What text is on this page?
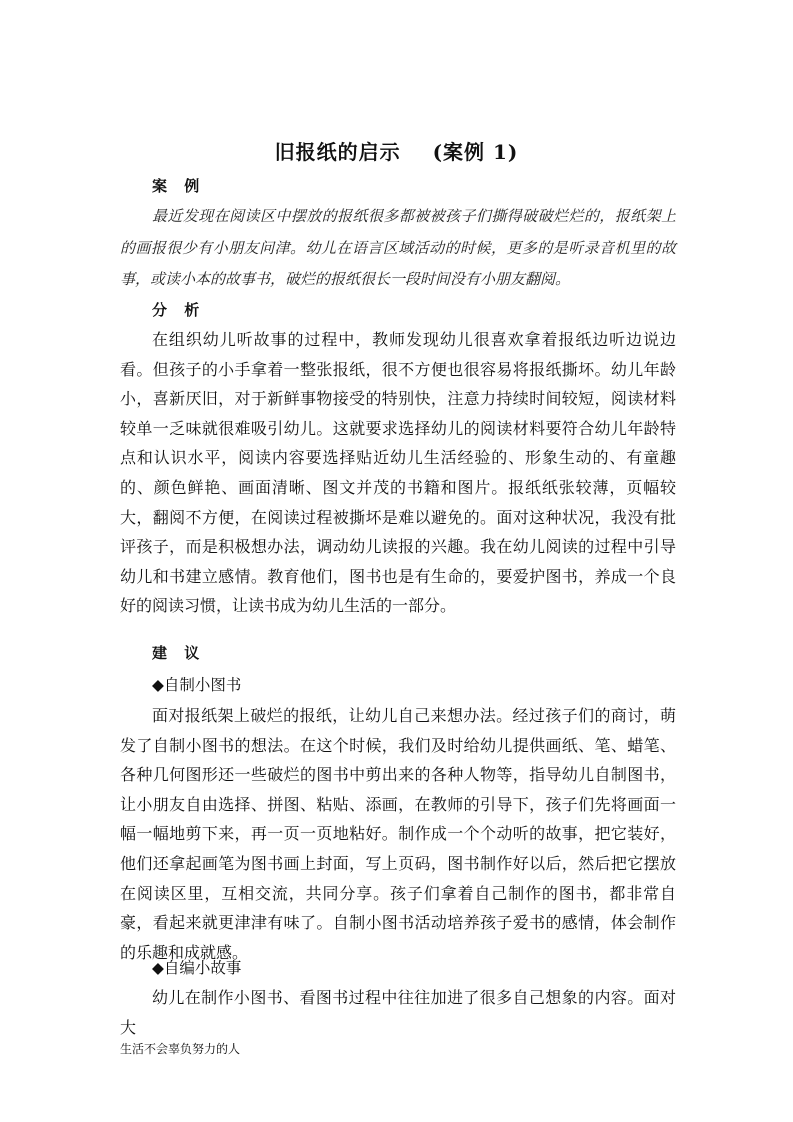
旧报纸的启示 (案例 1)
案 例

最近发现在阅读区中摆放的报纸很多都被被孩子们撕得破破烂烂的，报纸架上的画报很少有小朋友问津。幼儿在语言区域活动的时候，更多的是听录音机里的故事，或读小本的故事书，破烂的报纸很长一段时间没有小朋友翻阅。

分 析

在组织幼儿听故事的过程中，教师发现幼儿很喜欢拿着报纸边听边说边看。但孩子的小手拿着一整张报纸，很不方便也很容易将报纸撕坏。幼儿年龄小，喜新厌旧，对于新鲜事物接受的特别快，注意力持续时间较短，阅读材料较单一乏味就很难吸引幼儿。这就要求选择幼儿的阅读材料要符合幼儿年龄特点和认识水平，阅读内容要选择贴近幼儿生活经验的、形象生动的、有童趣的、颜色鲜艳、画面清晰、图文并茂的书籍和图片。报纸纸张较薄，页幅较大，翻阅不方便，在阅读过程被撕坏是难以避免的。面对这种状况，我没有批评孩子，而是积极想办法，调动幼儿读报的兴趣。我在幼儿阅读的过程中引导幼儿和书建立感情。教育他们，图书也是有生命的，要爱护图书，养成一个良好的阅读习惯，让读书成为幼儿生活的一部分。

建 议
◆自制小图书

面对报纸架上破烂的报纸，让幼儿自己来想办法。经过孩子们的商讨，萌发了自制小图书的想法。在这个时候，我们及时给幼儿提供画纸、笔、蜡笔、各种几何图形还一些破烂的图书中剪出来的各种人物等，指导幼儿自制图书，让小朋友自由选择、拼图、粘贴、添画，在教师的引导下，孩子们先将画面一幅一幅地剪下来，再一页一页地粘好。制作成一个个动听的故事，把它装好，他们还拿起画笔为图书画上封面，写上页码，图书制作好以后，然后把它摆放在阅读区里，互相交流，共同分享。孩子们拿着自己制作的图书，都非常自豪，看起来就更津津有味了。自制小图书活动培养孩子爱书的感情，体会制作的乐趣和成就感。

◆自编小故事

幼儿在制作小图书、看图书过程中往往加进了很多自己想象的内容。面对大

生活不会辜负努力的人
